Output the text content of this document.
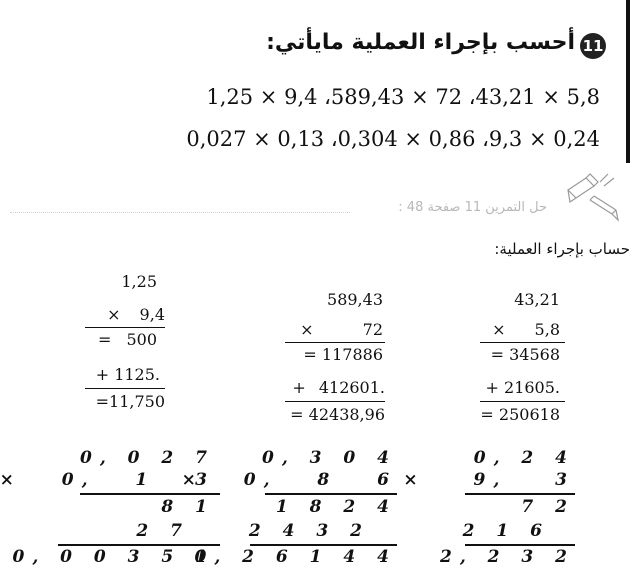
11
أحسب بإجراء العملية مايأتي:
1,25 × 9,4 ،589,43 × 72 ،43,21 × 5,8
0,027 × 0,13 ،0,304 × 0,86 ،9,3 × 0,24
حل التمرين 11 صفحة 48 :
حساب بإجراء العملية:
1,25
× 9,4
= 500
+ 1125.
=11,750
589,43
× 72
= 117886
+ 412601.
= 42438,96
43,21
× 5,8
= 34568
+ 21605.
= 250618
0, 0 2 7
× 0, 1 3
8 1
2 7
0, 0 0 3 5 1
0, 3 0 4
× 0, 8 6
1 8 2 4
2 4 3 2
0, 2 6 1 4 4
0, 2 4
× 9, 3
7 2
2 1 6
2, 2 3 2
